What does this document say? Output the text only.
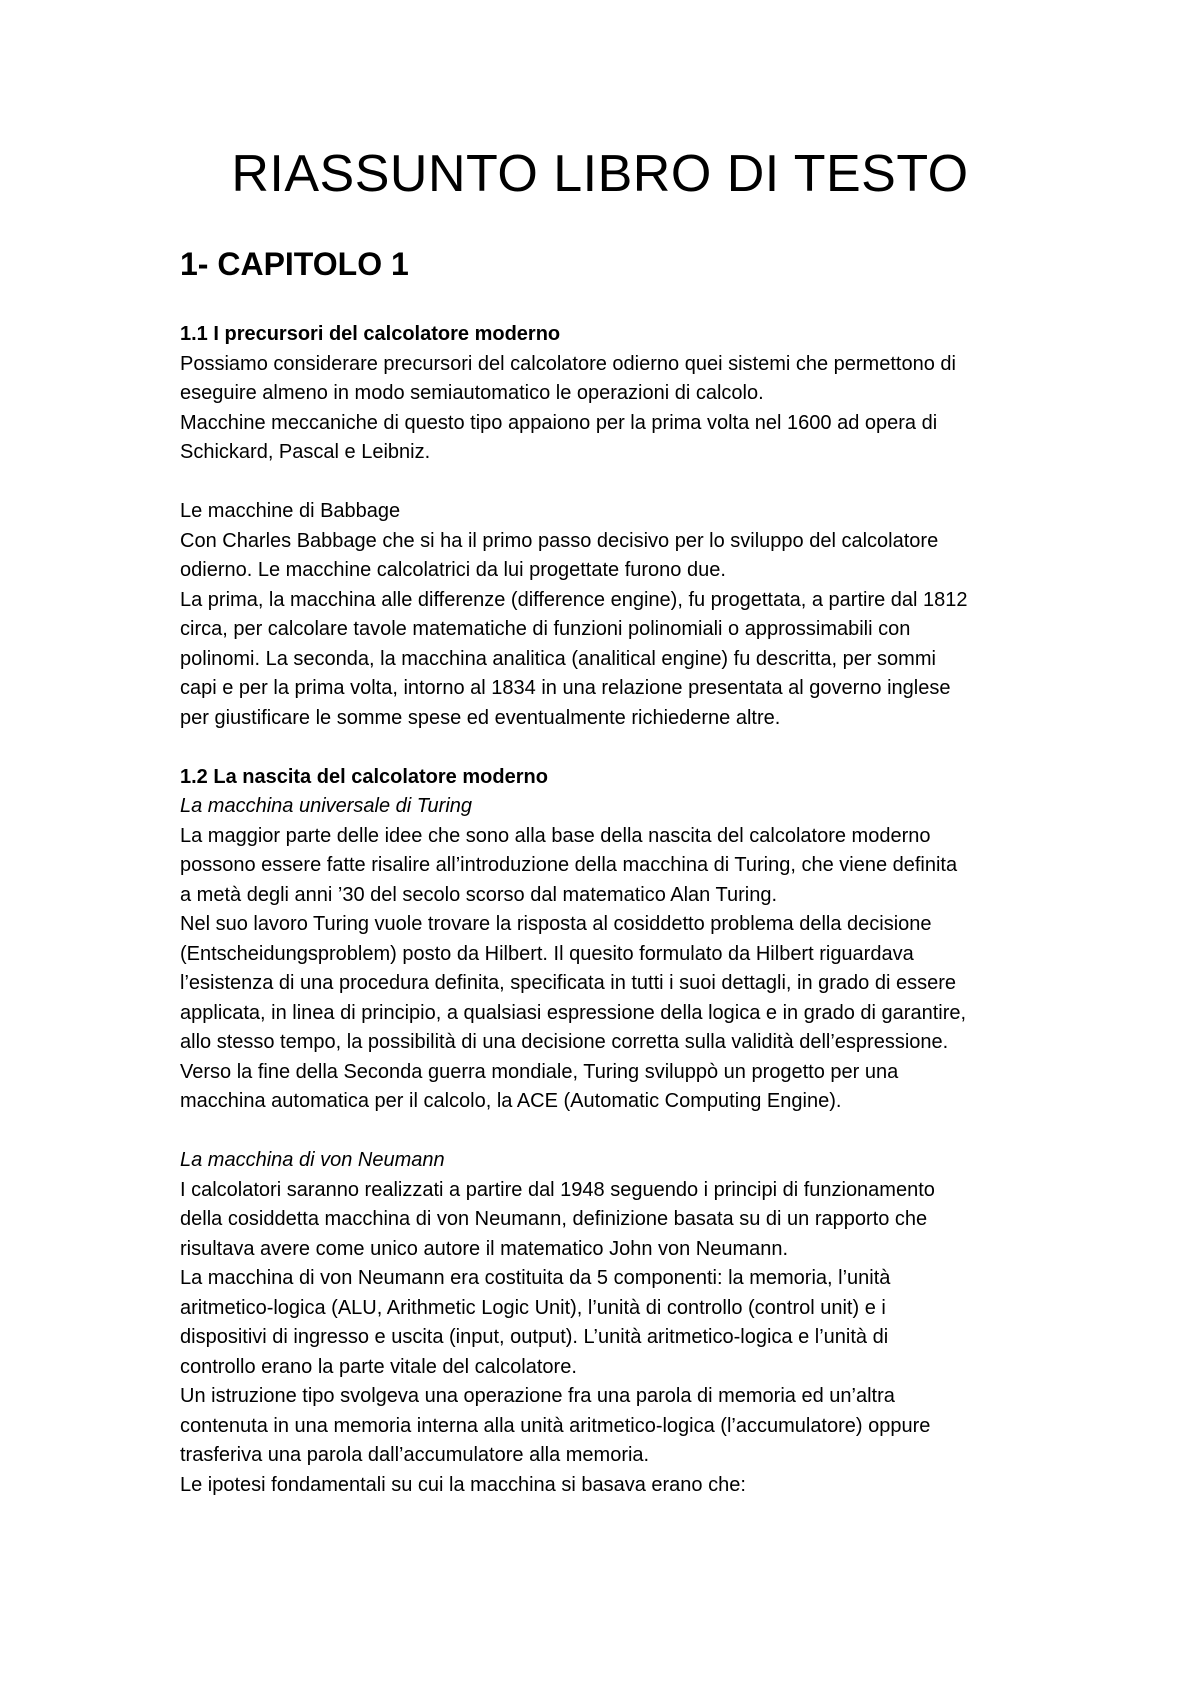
RIASSUNTO LIBRO DI TESTO
1- CAPITOLO 1
1.1 I precursori del calcolatore moderno
Possiamo considerare precursori del calcolatore odierno quei sistemi che permettono di
eseguire almeno in modo semiautomatico le operazioni di calcolo.
Macchine meccaniche di questo tipo appaiono per la prima volta nel 1600 ad opera di
Schickard, Pascal e Leibniz.
Le macchine di Babbage
Con Charles Babbage che si ha il primo passo decisivo per lo sviluppo del calcolatore
odierno. Le macchine calcolatrici da lui progettate furono due.
La prima, la macchina alle differenze (difference engine), fu progettata, a partire dal 1812
circa, per calcolare tavole matematiche di funzioni polinomiali o approssimabili con
polinomi. La seconda, la macchina analitica (analitical engine) fu descritta, per sommi
capi e per la prima volta, intorno al 1834 in una relazione presentata al governo inglese
per giustificare le somme spese ed eventualmente richiederne altre.
1.2 La nascita del calcolatore moderno
La macchina universale di Turing
La maggior parte delle idee che sono alla base della nascita del calcolatore moderno
possono essere fatte risalire all’introduzione della macchina di Turing, che viene definita
a metà degli anni ’30 del secolo scorso dal matematico Alan Turing.
Nel suo lavoro Turing vuole trovare la risposta al cosiddetto problema della decisione
(Entscheidungsproblem) posto da Hilbert. Il quesito formulato da Hilbert riguardava
l’esistenza di una procedura definita, specificata in tutti i suoi dettagli, in grado di essere
applicata, in linea di principio, a qualsiasi espressione della logica e in grado di garantire,
allo stesso tempo, la possibilità di una decisione corretta sulla validità dell’espressione.
Verso la fine della Seconda guerra mondiale, Turing sviluppò un progetto per una
macchina automatica per il calcolo, la ACE (Automatic Computing Engine).
La macchina di von Neumann
I calcolatori saranno realizzati a partire dal 1948 seguendo i principi di funzionamento
della cosiddetta macchina di von Neumann, definizione basata su di un rapporto che
risultava avere come unico autore il matematico John von Neumann.
La macchina di von Neumann era costituita da 5 componenti: la memoria, l’unità
aritmetico-logica (ALU, Arithmetic Logic Unit), l’unità di controllo (control unit) e i
dispositivi di ingresso e uscita (input, output). L’unità aritmetico-logica e l’unità di
controllo erano la parte vitale del calcolatore.
Un istruzione tipo svolgeva una operazione fra una parola di memoria ed un’altra
contenuta in una memoria interna alla unità aritmetico-logica (l’accumulatore) oppure
trasferiva una parola dall’accumulatore alla memoria.
Le ipotesi fondamentali su cui la macchina si basava erano che:
